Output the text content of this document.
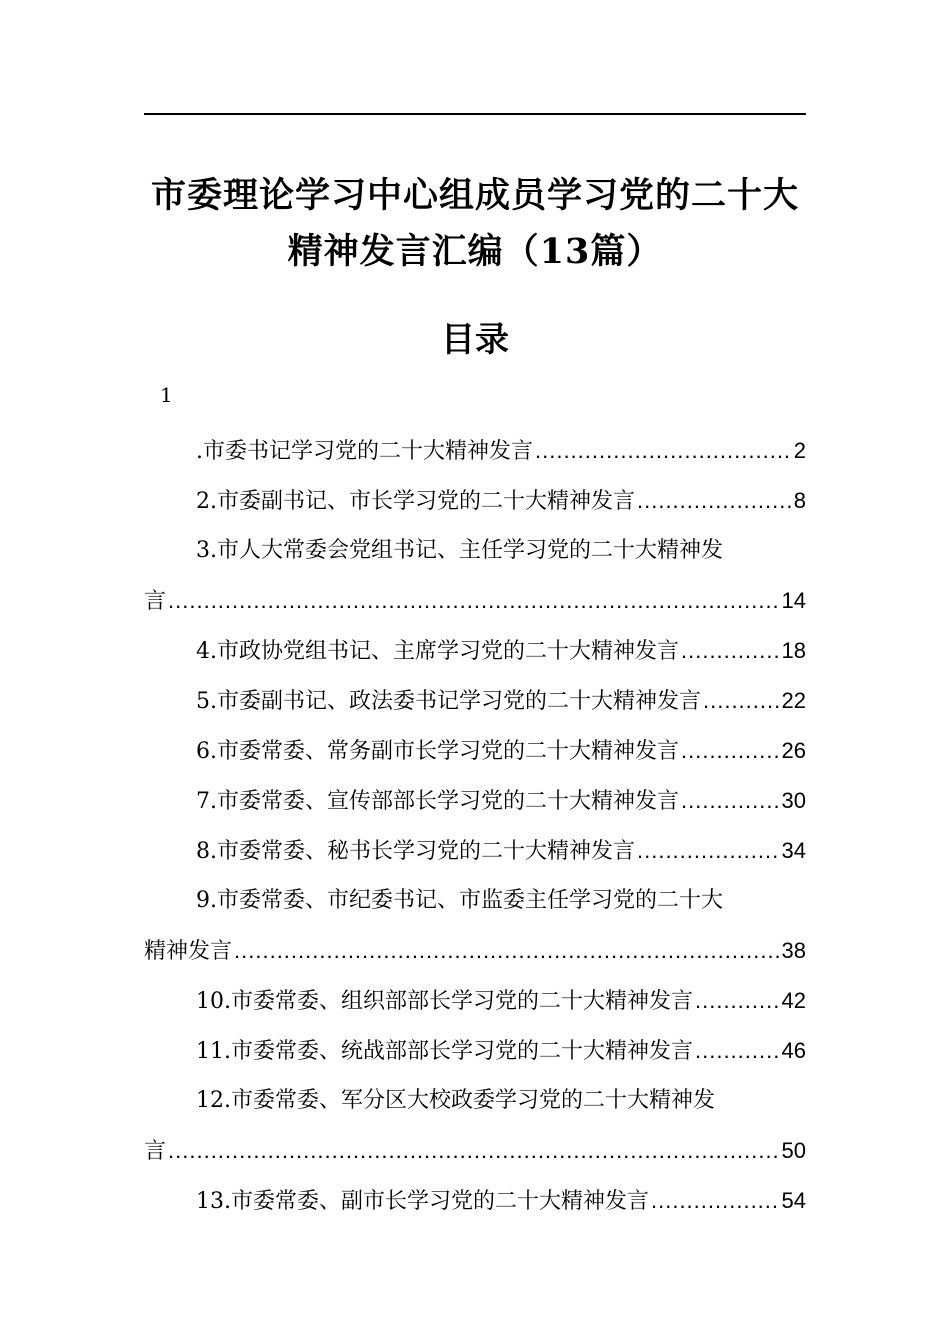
市委理论学习中心组成员学习党的二十大
精神发言汇编（13篇）
目录
1
.市委书记学习党的二十大精神发言 .....	2
2.市委副书记、市长学习党的二十大精神发言 .....	8
3.市人大常委会党组书记、主任学习党的二十大精神发
言 .....	14
4.市政协党组书记、主席学习党的二十大精神发言 .....	18
5.市委副书记、政法委书记学习党的二十大精神发言 .....	22
6.市委常委、常务副市长学习党的二十大精神发言 .....	26
7.市委常委、宣传部部长学习党的二十大精神发言 .....	30
8.市委常委、秘书长学习党的二十大精神发言 .....	34
9.市委常委、市纪委书记、市监委主任学习党的二十大
精神发言 .....	38
10.市委常委、组织部部长学习党的二十大精神发言 .....	42
11.市委常委、统战部部长学习党的二十大精神发言 .....	46
12.市委常委、军分区大校政委学习党的二十大精神发
言 .....	50
13.市委常委、副市长学习党的二十大精神发言 .....	54
